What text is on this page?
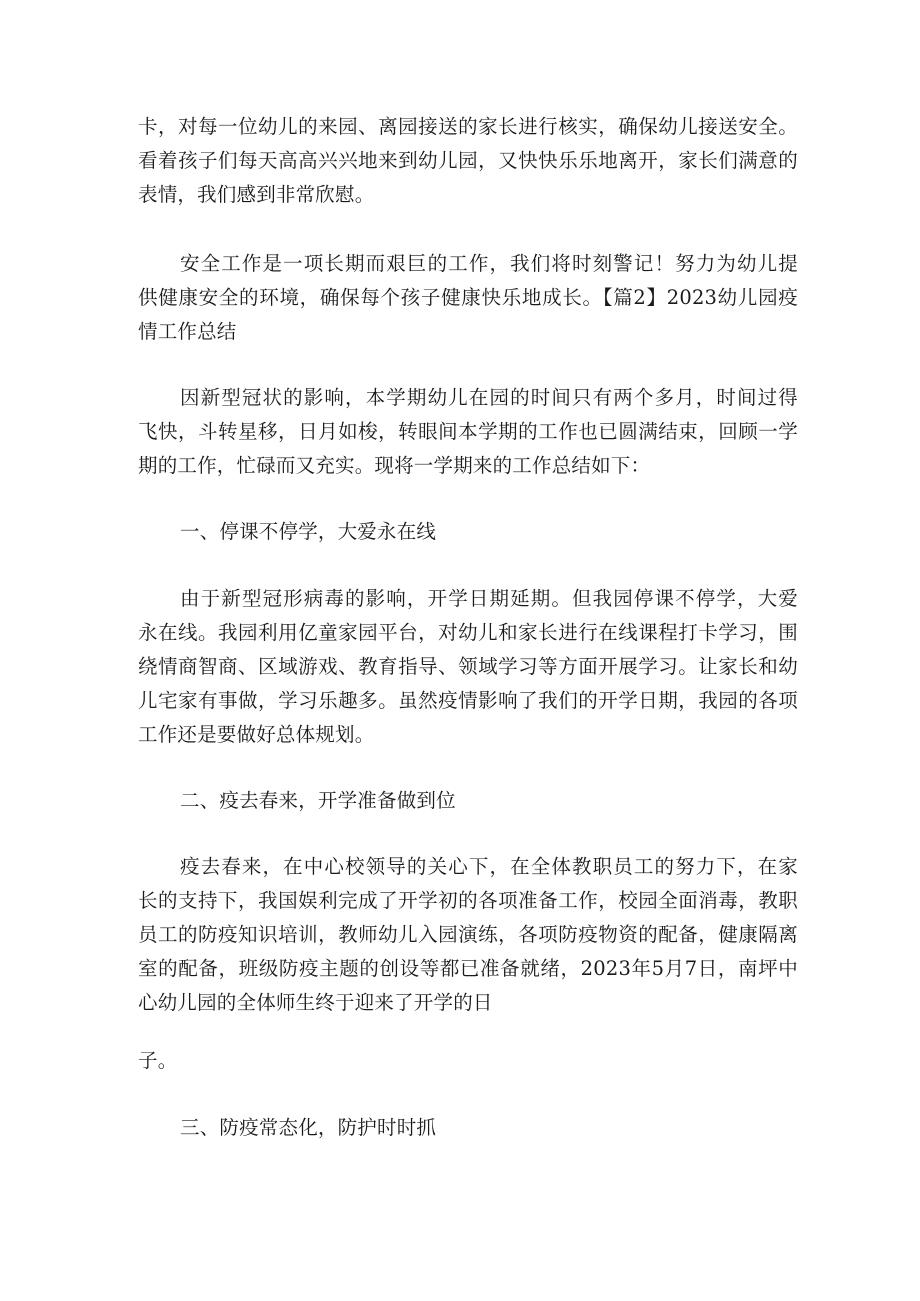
卡，对每一位幼儿的来园、离园接送的家长进行核实，确保幼儿接送安全。
看着孩子们每天高高兴兴地来到幼儿园，又快快乐乐地离开，家长们满意的
表情，我们感到非常欣慰。
安全工作是一项长期而艰巨的工作，我们将时刻警记！努力为幼儿提
供健康安全的环境，确保每个孩子健康快乐地成长。【篇2】2023幼儿园疫
情工作总结
因新型冠状的影响，本学期幼儿在园的时间只有两个多月，时间过得
飞快，斗转星移，日月如梭，转眼间本学期的工作也已圆满结束，回顾一学
期的工作，忙碌而又充实。现将一学期来的工作总结如下：
一、停课不停学，大爱永在线
由于新型冠形病毒的影响，开学日期延期。但我园停课不停学，大爱
永在线。我园利用亿童家园平台，对幼儿和家长进行在线课程打卡学习，围
绕情商智商、区域游戏、教育指导、领域学习等方面开展学习。让家长和幼
儿宅家有事做，学习乐趣多。虽然疫情影响了我们的开学日期，我园的各项
工作还是要做好总体规划。
二、疫去春来，开学准备做到位
疫去春来，在中心校领导的关心下，在全体教职员工的努力下，在家
长的支持下，我国娱利完成了开学初的各项准备工作，校园全面消毒，教职
员工的防疫知识培训，教师幼儿入园演练，各项防疫物资的配备，健康隔离
室的配备，班级防疫主题的创设等都已准备就绪，2023年5月7日，南坪中
心幼儿园的全体师生终于迎来了开学的日
子。
三、防疫常态化，防护时时抓
